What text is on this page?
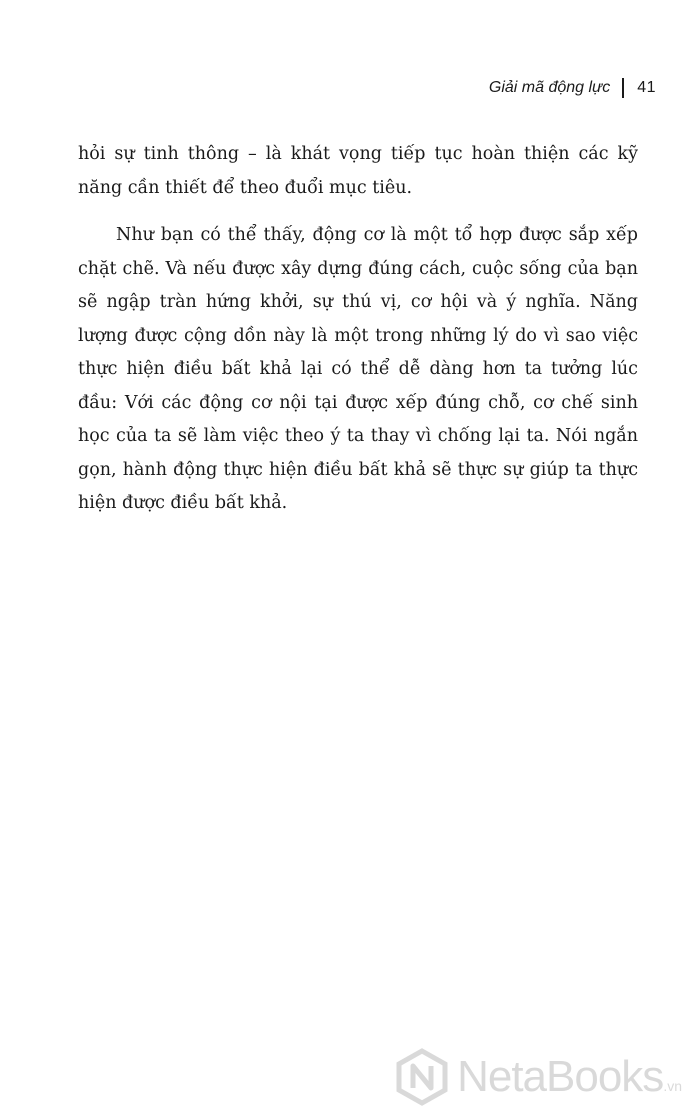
Giải mã động lực 41

hỏi sự tinh thông – là khát vọng tiếp tục hoàn thiện các kỹ năng cần thiết để theo đuổi mục tiêu.

Như bạn có thể thấy, động cơ là một tổ hợp được sắp xếp chặt chẽ. Và nếu được xây dựng đúng cách, cuộc sống của bạn sẽ ngập tràn hứng khởi, sự thú vị, cơ hội và ý nghĩa. Năng lượng được cộng dồn này là một trong những lý do vì sao việc thực hiện điều bất khả lại có thể dễ dàng hơn ta tưởng lúc đầu: Với các động cơ nội tại được xếp đúng chỗ, cơ chế sinh học của ta sẽ làm việc theo ý ta thay vì chống lại ta. Nói ngắn gọn, hành động thực hiện điều bất khả sẽ thực sự giúp ta thực hiện được điều bất khả.

NetaBooks .vn
